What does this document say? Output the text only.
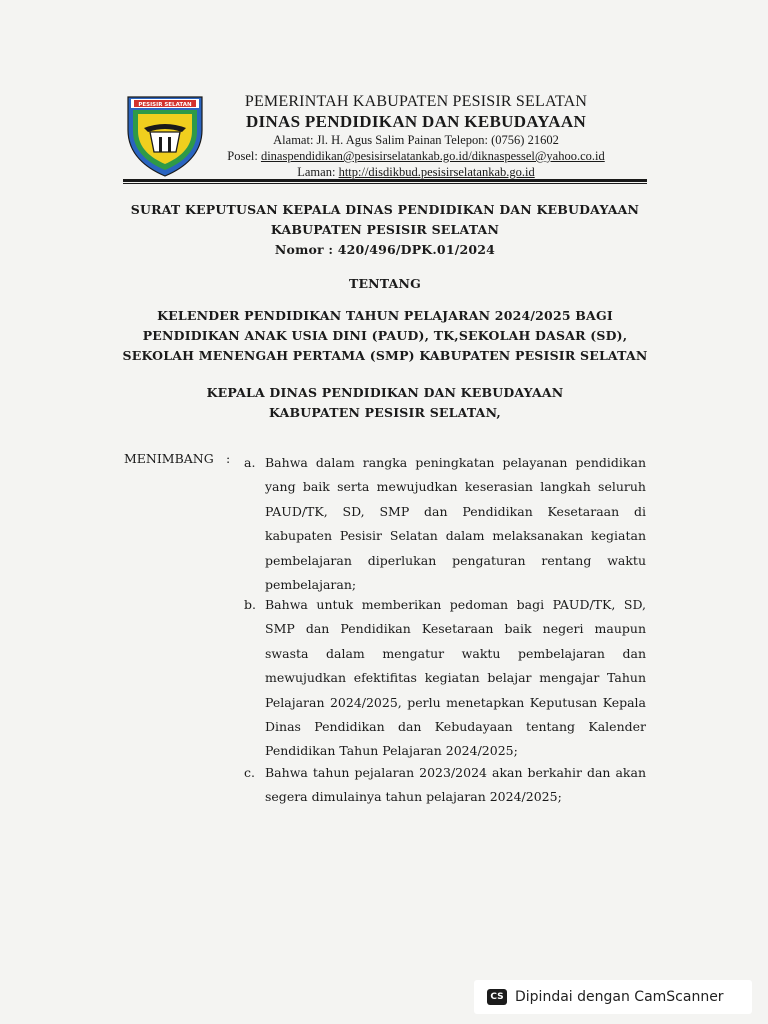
PESISIR SELATAN	PEMERINTAH KABUPATEN PESISIR SELATAN
DINAS PENDIDIKAN DAN KEBUDAYAAN
Alamat: Jl. H. Agus Salim Painan Telepon: (0756) 21602
Posel: dinaspendidikan@pesisirselatankab.go.id/diknaspessel@yahoo.co.id
Laman: http://disdikbud.pesisirselatankab.go.id
SURAT KEPUTUSAN KEPALA DINAS PENDIDIKAN DAN KEBUDAYAAN
KABUPATEN PESISIR SELATAN
Nomor : 420/496/DPK.01/2024
TENTANG
KELENDER PENDIDIKAN TAHUN PELAJARAN 2024/2025 BAGI
PENDIDIKAN ANAK USIA DINI (PAUD), TK,SEKOLAH DASAR (SD),
SEKOLAH MENENGAH PERTAMA (SMP) KABUPATEN PESISIR SELATAN
KEPALA DINAS PENDIDIKAN DAN KEBUDAYAAN
KABUPATEN PESISIR SELATAN,
MENIMBANG : a. Bahwa dalam rangka peningkatan pelayanan pendidikan yang baik serta mewujudkan keserasian langkah seluruh PAUD/TK, SD, SMP dan Pendidikan Kesetaraan di kabupaten Pesisir Selatan dalam melaksanakan kegiatan pembelajaran diperlukan pengaturan rentang waktu pembelajaran;
b. Bahwa untuk memberikan pedoman bagi PAUD/TK, SD, SMP dan Pendidikan Kesetaraan baik negeri maupun swasta dalam mengatur waktu pembelajaran dan mewujudkan efektifitas kegiatan belajar mengajar Tahun Pelajaran 2024/2025, perlu menetapkan Keputusan Kepala Dinas Pendidikan dan Kebudayaan tentang Kalender Pendidikan Tahun Pelajaran 2024/2025;
c. Bahwa tahun pejalaran 2023/2024 akan berkahir dan akan segera dimulainya tahun pelajaran 2024/2025;
CS Dipindai dengan CamScanner
